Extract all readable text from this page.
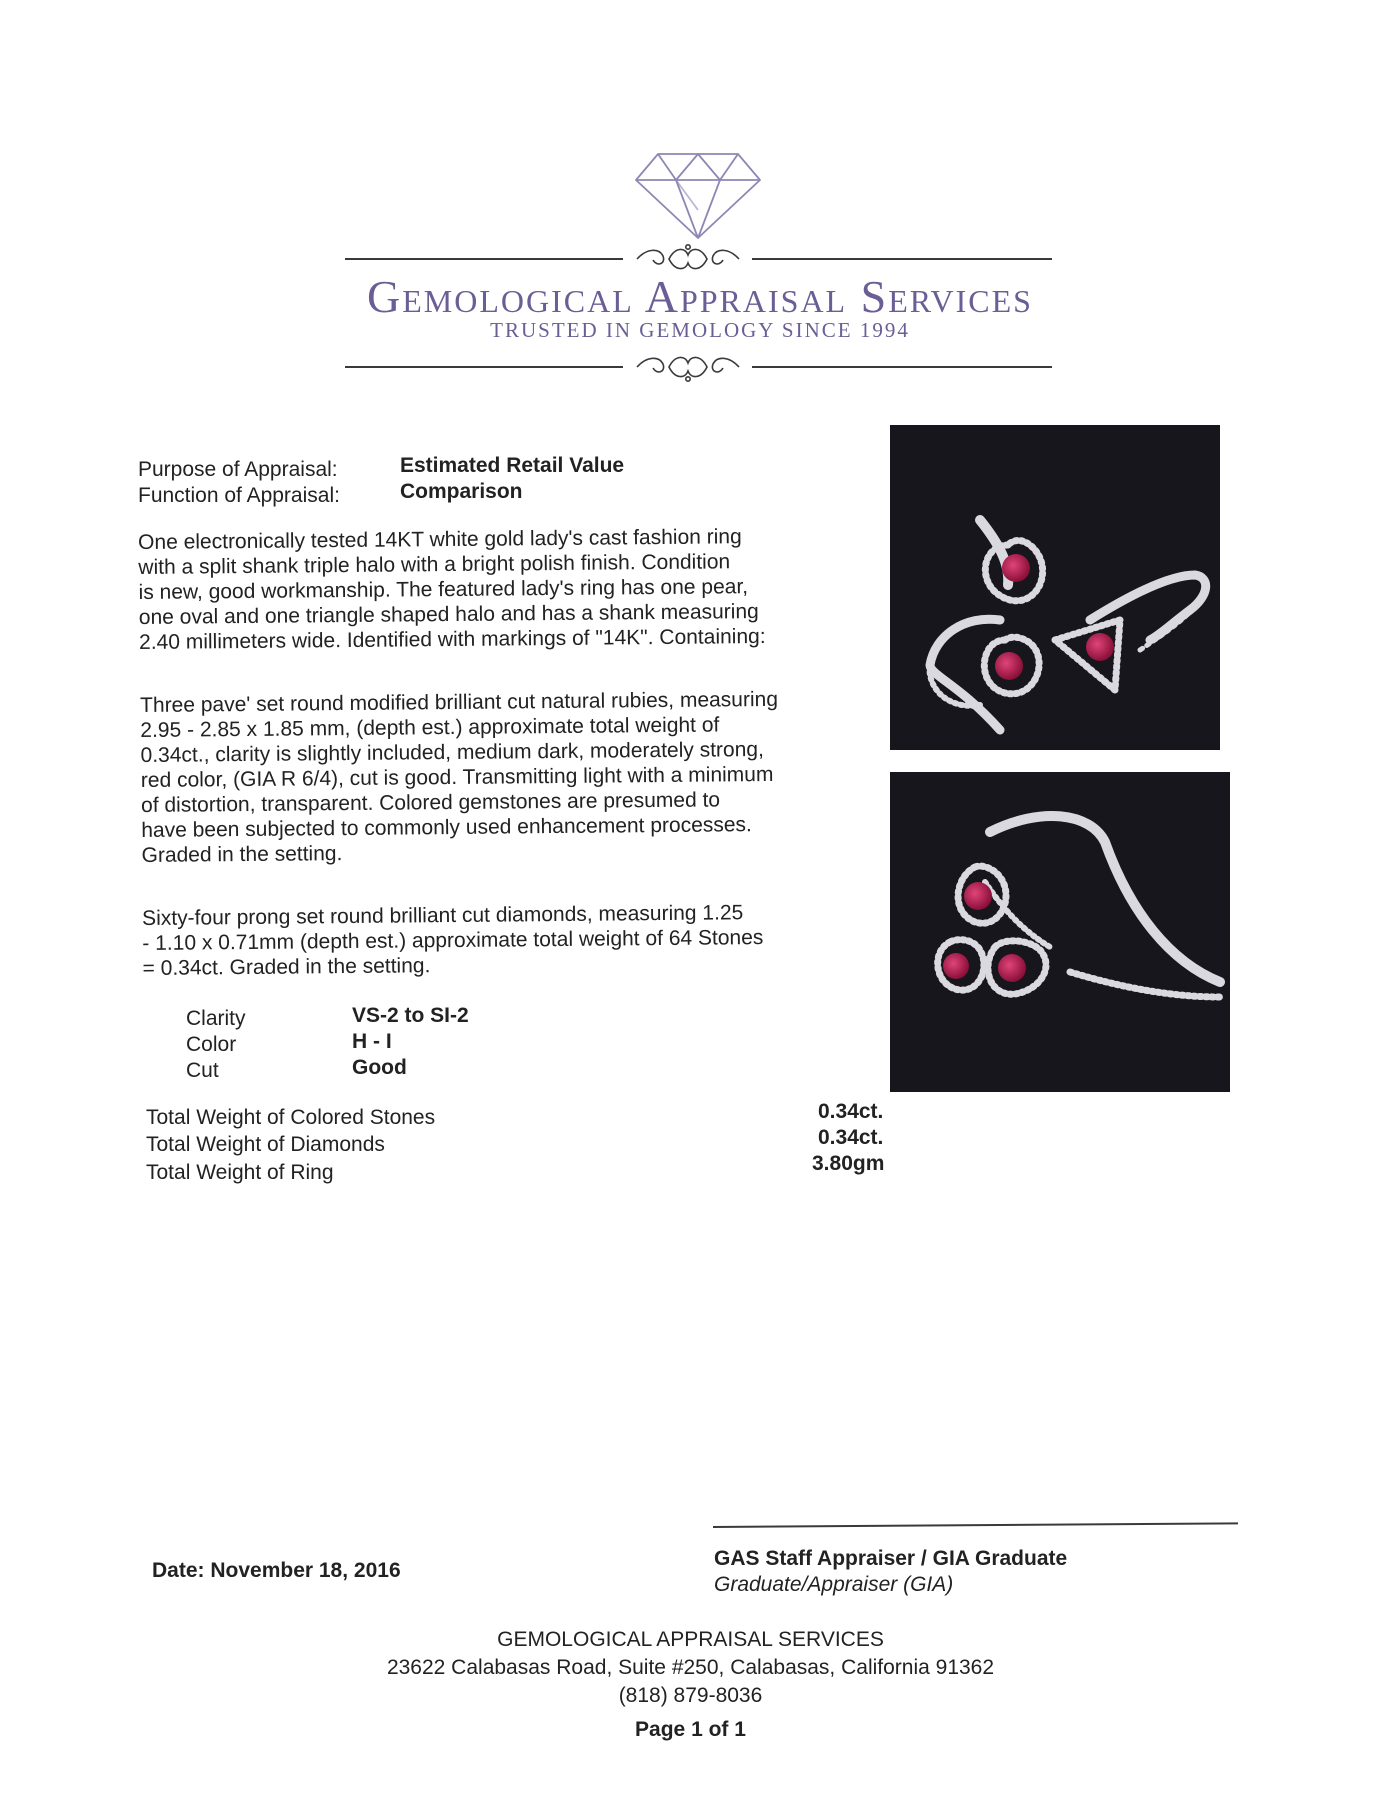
Gemological Appraisal Services
TRUSTED IN GEMOLOGY SINCE 1994
Purpose of Appraisal:	Estimated Retail Value
Function of Appraisal:	Comparison
One electronically tested 14KT white gold lady's cast fashion ring
with a split shank triple halo with a bright polish finish. Condition
is new, good workmanship. The featured lady's ring has one pear,
one oval and one triangle shaped halo and has a shank measuring
2.40 millimeters wide. Identified with markings of "14K". Containing:
Three pave' set round modified brilliant cut natural rubies, measuring
2.95 - 2.85 x 1.85 mm, (depth est.) approximate total weight of
0.34ct., clarity is slightly included, medium dark, moderately strong,
red color, (GIA R 6/4), cut is good. Transmitting light with a minimum
of distortion, transparent. Colored gemstones are presumed to
have been subjected to commonly used enhancement processes.
Graded in the setting.
Sixty-four prong set round brilliant cut diamonds, measuring 1.25
- 1.10 x 0.71mm (depth est.) approximate total weight of 64 Stones
= 0.34ct. Graded in the setting.
Clarity	VS-2 to SI-2
Color	H - I
Cut	Good
Total Weight of Colored Stones	0.34ct.
Total Weight of Diamonds	0.34ct.
Total Weight of Ring	3.80gm
Date: November 18, 2016
GAS Staff Appraiser / GIA Graduate
Graduate/Appraiser (GIA)
GEMOLOGICAL APPRAISAL SERVICES
23622 Calabasas Road, Suite #250, Calabasas, California 91362
(818) 879-8036
Page 1 of 1
